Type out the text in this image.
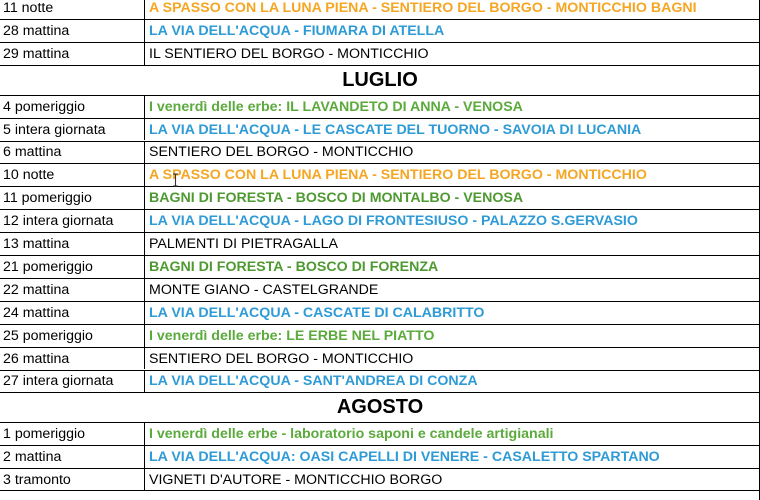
11 notte	A SPASSO CON LA LUNA PIENA - SENTIERO DEL BORGO - MONTICCHIO BAGNI
28 mattina	LA VIA DELL'ACQUA - FIUMARA DI ATELLA
29 mattina	IL SENTIERO DEL BORGO - MONTICCHIO
LUGLIO
4 pomeriggio	I venerdì delle erbe: IL LAVANDETO DI ANNA - VENOSA
5 intera giornata	LA VIA DELL'ACQUA - LE CASCATE DEL TUORNO - SAVOIA DI LUCANIA
6 mattina	SENTIERO DEL BORGO - MONTICCHIO
10 notte	A SPASSO CON LA LUNA PIENA - SENTIERO DEL BORGO - MONTICCHIO
11 pomeriggio	BAGNI DI FORESTA - BOSCO DI MONTALBO - VENOSA
12 intera giornata	LA VIA DELL'ACQUA - LAGO DI FRONTESIUSO - PALAZZO S.GERVASIO
13 mattina	PALMENTI DI PIETRAGALLA
21 pomeriggio	BAGNI DI FORESTA - BOSCO DI FORENZA
22 mattina	MONTE GIANO - CASTELGRANDE
24 mattina	LA VIA DELL'ACQUA - CASCATE DI CALABRITTO
25 pomeriggio	I venerdì delle erbe: LE ERBE NEL PIATTO
26 mattina	SENTIERO DEL BORGO - MONTICCHIO
27 intera giornata	LA VIA DELL'ACQUA - SANT'ANDREA DI CONZA
AGOSTO
1 pomeriggio	I venerdì delle erbe - laboratorio saponi e candele artigianali
2 mattina	LA VIA DELL'ACQUA: OASI CAPELLI DI VENERE - CASALETTO SPARTANO
3 tramonto	VIGNETI D'AUTORE - MONTICCHIO BORGO
